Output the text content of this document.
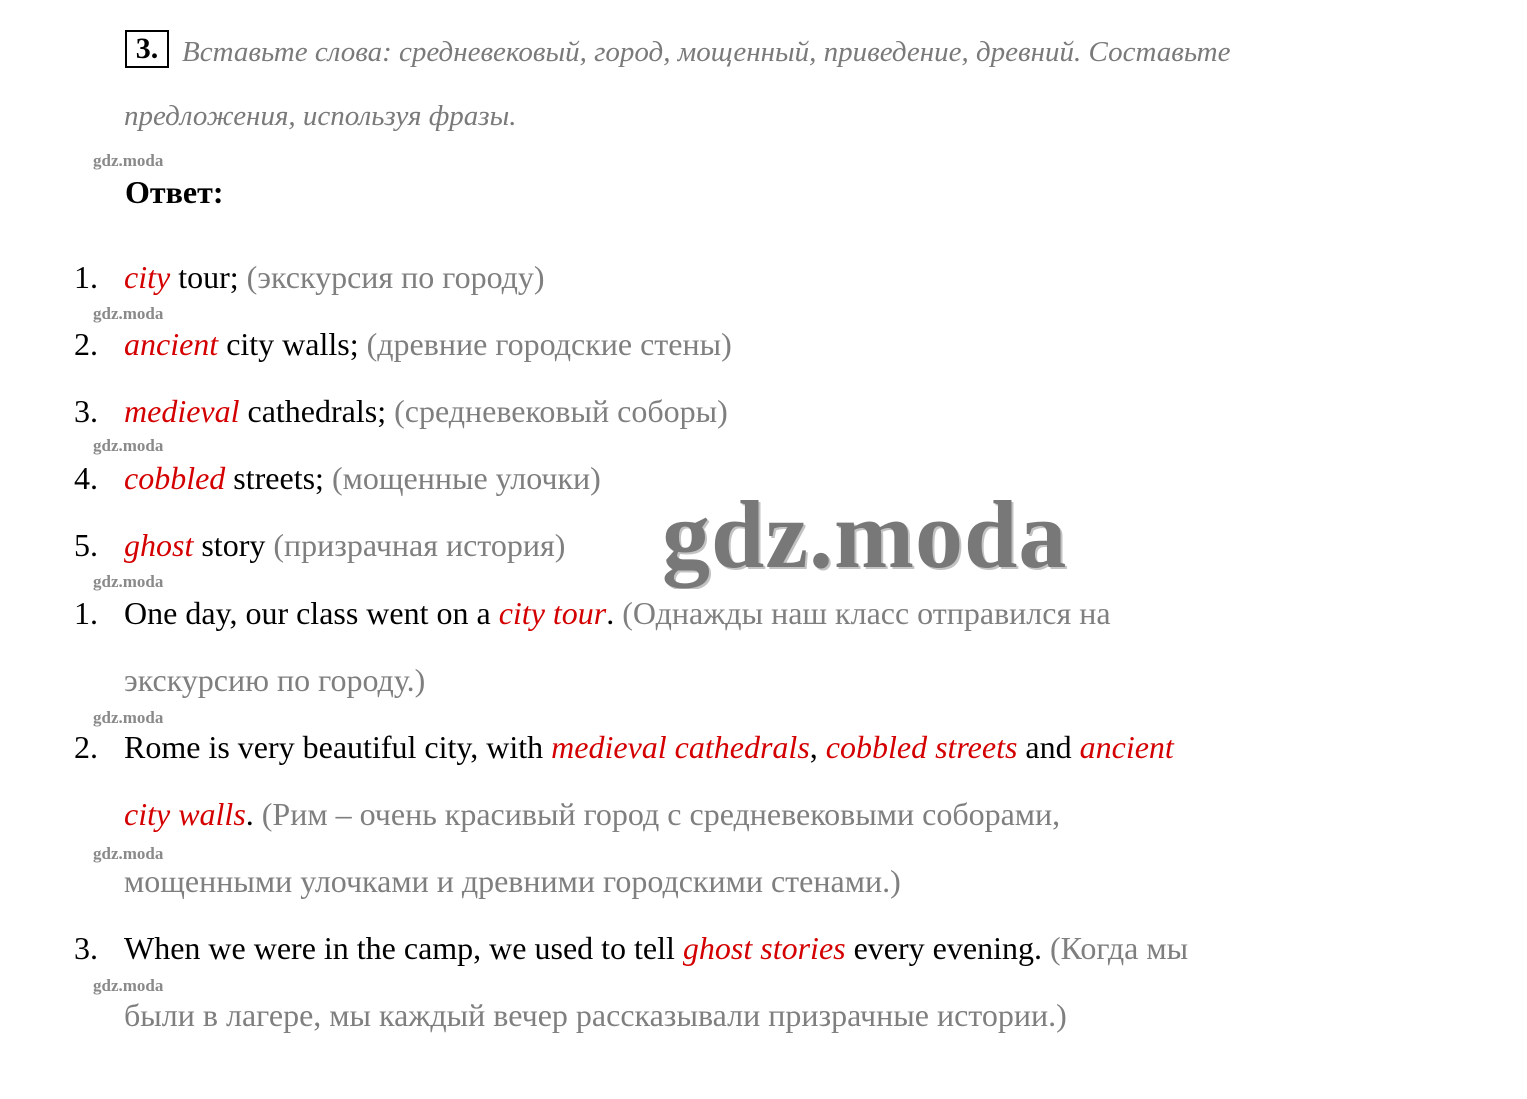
3. Вставьте слова: средневековый, город, мощенный, приведение, древний. Составьте
предложения, используя фразы.
gdz.moda
gdz.moda
gdz.moda
gdz.moda
gdz.moda
gdz.moda
gdz.moda
Ответ:
1. city tour; (экскурсия по городу)
2. ancient city walls; (древние городские стены)
3. medieval cathedrals; (средневековый соборы)
4. cobbled streets; (мощенные улочки)
5. ghost story (призрачная история)
1. One day, our class went on a city tour. (Однажды наш класс отправился на
экскурсию по городу.)
2. Rome is very beautiful city, with medieval cathedrals, cobbled streets and ancient
city walls. (Рим – очень красивый город с средневековыми соборами,
мощенными улочками и древними городскими стенами.)
3. When we were in the camp, we used to tell ghost stories every evening. (Когда мы
были в лагере, мы каждый вечер рассказывали призрачные истории.)
gdz.moda
